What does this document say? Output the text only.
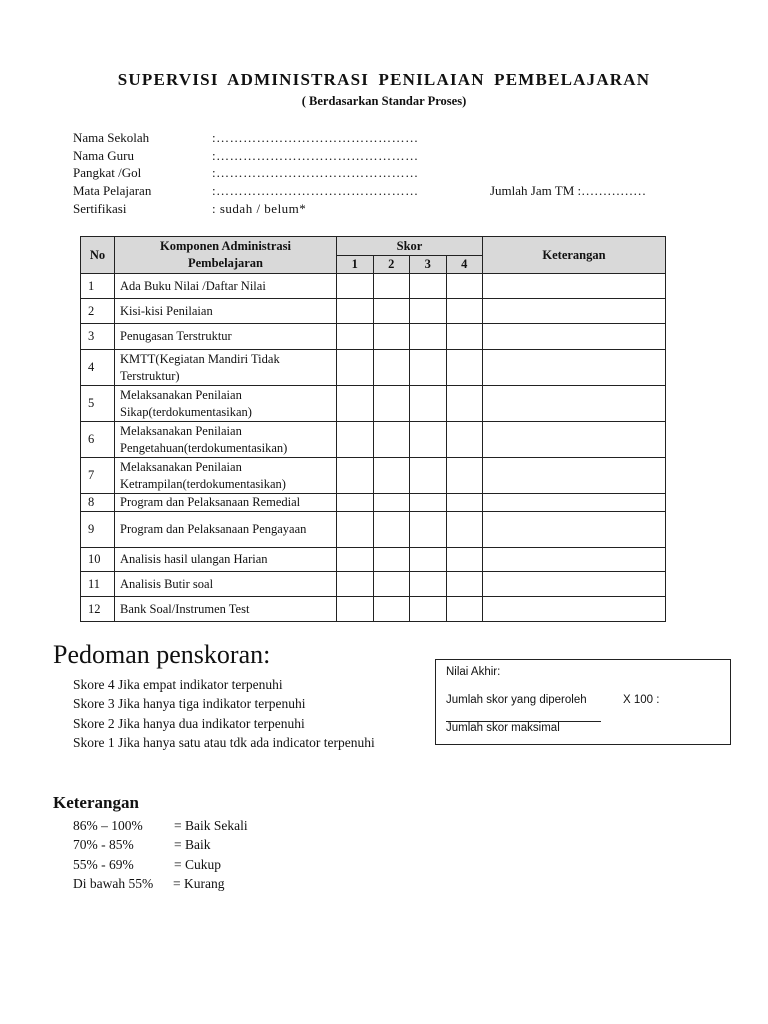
SUPERVISI ADMINISTRASI PENILAIAN PEMBELAJARAN
( Berdasarkan Standar Proses)
Nama Sekolah	:………………………………………
Nama Guru	:………………………………………
Pangkat /Gol	:………………………………………
Mata Pelajaran	:………………………………………	Jumlah Jam TM :……………
Sertifikasi	: sudah / belum*
No	Komponen Administrasi Pembelajaran	Skor				Keterangan
		1	2	3	4	
1	Ada Buku Nilai /Daftar Nilai					
2	Kisi-kisi Penilaian					
3	Penugasan Terstruktur					
4	KMTT(Kegiatan Mandiri Tidak Terstruktur)					
5	Melaksanakan Penilaian Sikap(terdokumentasikan)					
6	Melaksanakan Penilaian Pengetahuan(terdokumentasikan)					
7	Melaksanakan Penilaian Ketrampilan(terdokumentasikan)					
8	Program dan Pelaksanaan Remedial					
9	Program dan Pelaksanaan Pengayaan					
10	Analisis hasil ulangan Harian					
11	Analisis Butir soal					
12	Bank Soal/Instrumen Test					
Pedoman penskoran:
Skore 4 Jika empat indikator terpenuhi
Skore 3 Jika hanya tiga indikator terpenuhi
Skore 2 Jika hanya dua indikator terpenuhi
Skore 1 Jika hanya satu atau tdk ada indicator terpenuhi
Nilai Akhir:
Jumlah skor yang diperoleh	X 100 :
Jumlah skor maksimal
Keterangan
86% – 100%	= Baik Sekali
70% - 85%	= Baik
55% - 69%	= Cukup
Di bawah 55%	= Kurang
